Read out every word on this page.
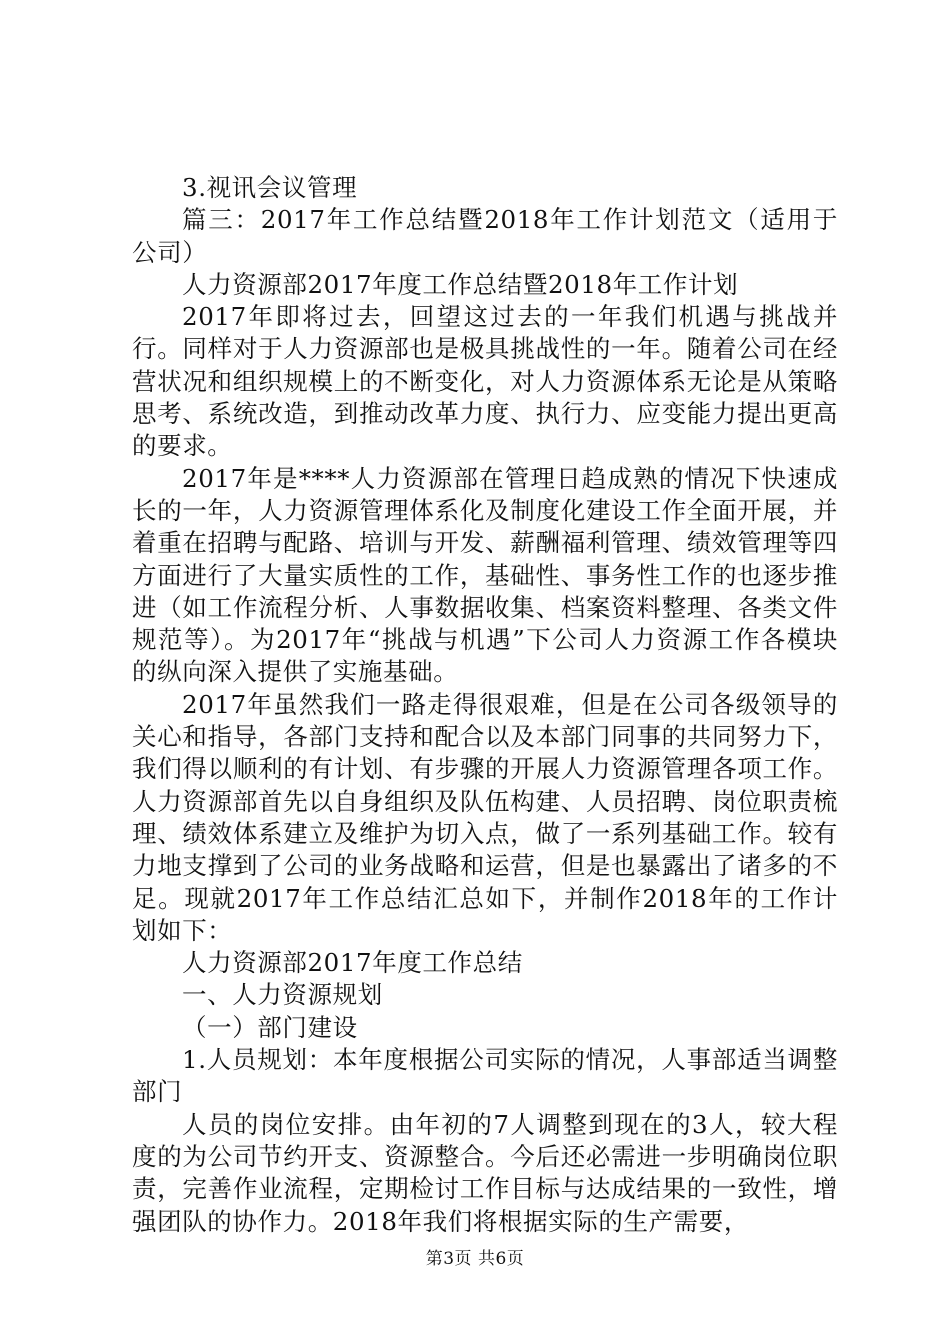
3.视讯会议管理

篇三：2017年工作总结暨2018年工作计划范文（适用于公司）

人力资源部2017年度工作总结暨2018年工作计划

2017年即将过去，回望这过去的一年我们机遇与挑战并行。同样对于人力资源部也是极具挑战性的一年。随着公司在经营状况和组织规模上的不断变化，对人力资源体系无论是从策略思考、系统改造，到推动改革力度、执行力、应变能力提出更高的要求。

2017年是****人力资源部在管理日趋成熟的情况下快速成长的一年，人力资源管理体系化及制度化建设工作全面开展，并着重在招聘与配路、培训与开发、薪酬福利管理、绩效管理等四方面进行了大量实质性的工作，基础性、事务性工作的也逐步推进（如工作流程分析、人事数据收集、档案资料整理、各类文件规范等）。为2017年“挑战与机遇”下公司人力资源工作各模块的纵向深入提供了实施基础。

2017年虽然我们一路走得很艰难，但是在公司各级领导的关心和指导，各部门支持和配合以及本部门同事的共同努力下，我们得以顺利的有计划、有步骤的开展人力资源管理各项工作。人力资源部首先以自身组织及队伍构建、人员招聘、岗位职责梳理、绩效体系建立及维护为切入点，做了一系列基础工作。较有力地支撑到了公司的业务战略和运营，但是也暴露出了诸多的不足。现就2017年工作总结汇总如下，并制作2018年的工作计划如下：

人力资源部2017年度工作总结

一、人力资源规划

（一）部门建设

1.人员规划：本年度根据公司实际的情况，人事部适当调整部门

人员的岗位安排。由年初的7人调整到现在的3人，较大程度的为公司节约开支、资源整合。今后还必需进一步明确岗位职责，完善作业流程，定期检讨工作目标与达成结果的一致性，增强团队的协作力。2018年我们将根据实际的生产需要，

第3页 共6页
